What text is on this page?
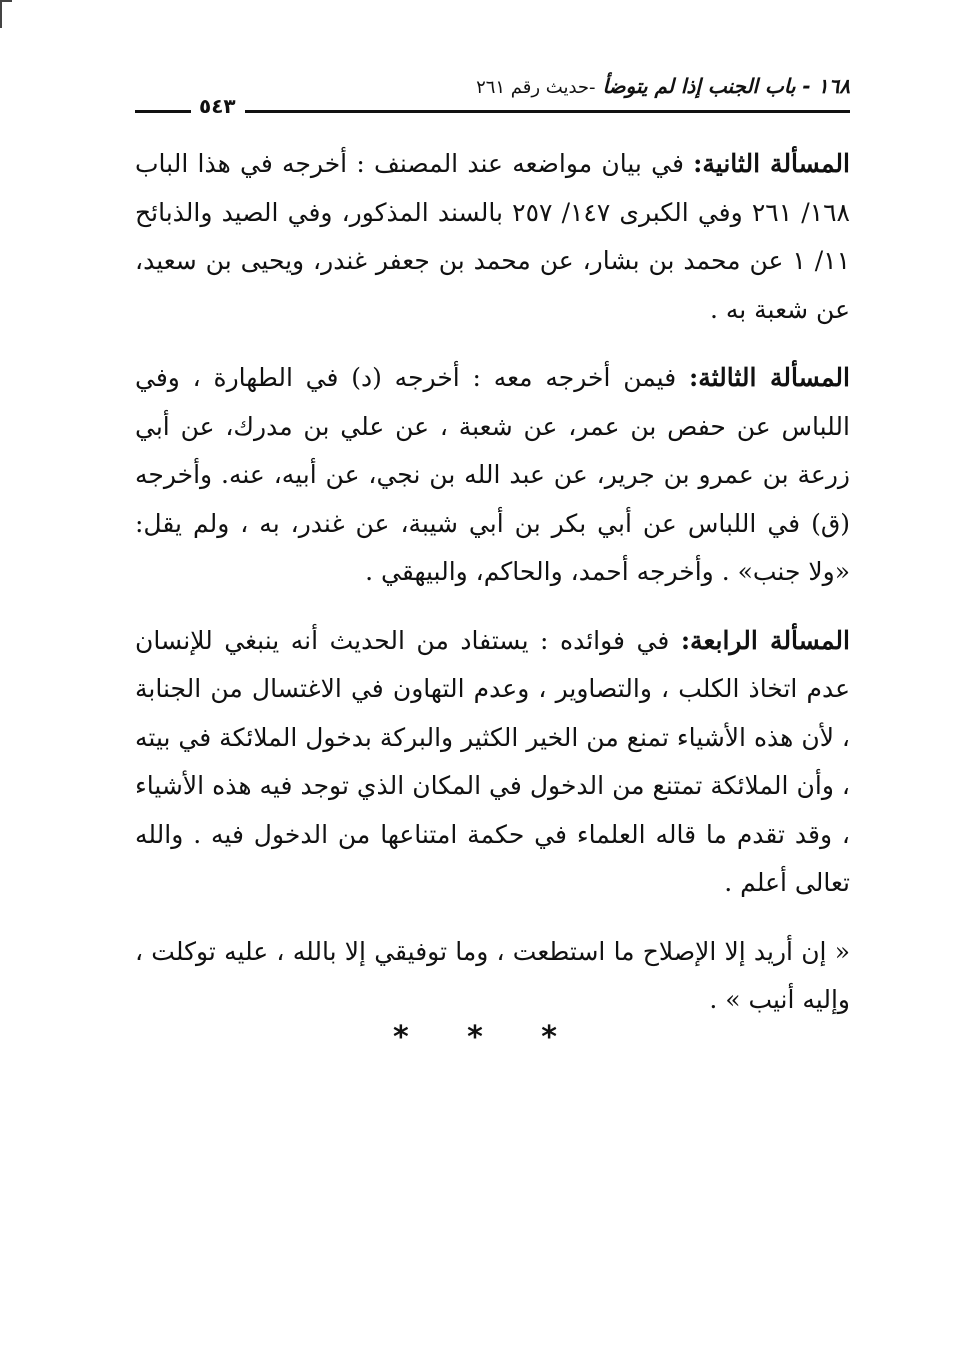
١٦٨ - باب الجنب إذا لم يتوضأ -حديث رقم ٢٦١
٥٤٣

المسألة الثانية: في بيان مواضعه عند المصنف : أخرجه في هذا الباب ١٦٨/ ٢٦١ وفي الكبرى ١٤٧/ ٢٥٧ بالسند المذكور، وفي الصيد والذبائح ١١/ ١ عن محمد بن بشار، عن محمد بن جعفر غندر، ويحيى بن سعيد، عن شعبة به .

المسألة الثالثة: فيمن أخرجه معه : أخرجه (د) في الطهارة ، وفي اللباس عن حفص بن عمر، عن شعبة ، عن علي بن مدرك، عن أبي زرعة بن عمرو بن جرير، عن عبد الله بن نجي، عن أبيه، عنه. وأخرجه (ق) في اللباس عن أبي بكر بن أبي شيبة، عن غندر، به ، ولم يقل: «ولا جنب» . وأخرجه أحمد، والحاكم، والبيهقي .

المسألة الرابعة: في فوائده : يستفاد من الحديث أنه ينبغي للإنسان عدم اتخاذ الكلب ، والتصاوير ، وعدم التهاون في الاغتسال من الجنابة ، لأن هذه الأشياء تمنع من الخير الكثير والبركة بدخول الملائكة في بيته ، وأن الملائكة تمتنع من الدخول في المكان الذي توجد فيه هذه الأشياء ، وقد تقدم ما قاله العلماء في حكمة امتناعها من الدخول فيه . والله تعالى أعلم .

« إن أريد إلا الإصلاح ما استطعت ، وما توفيقي إلا بالله ، عليه توكلت ، وإليه أنيب » .

* * *
